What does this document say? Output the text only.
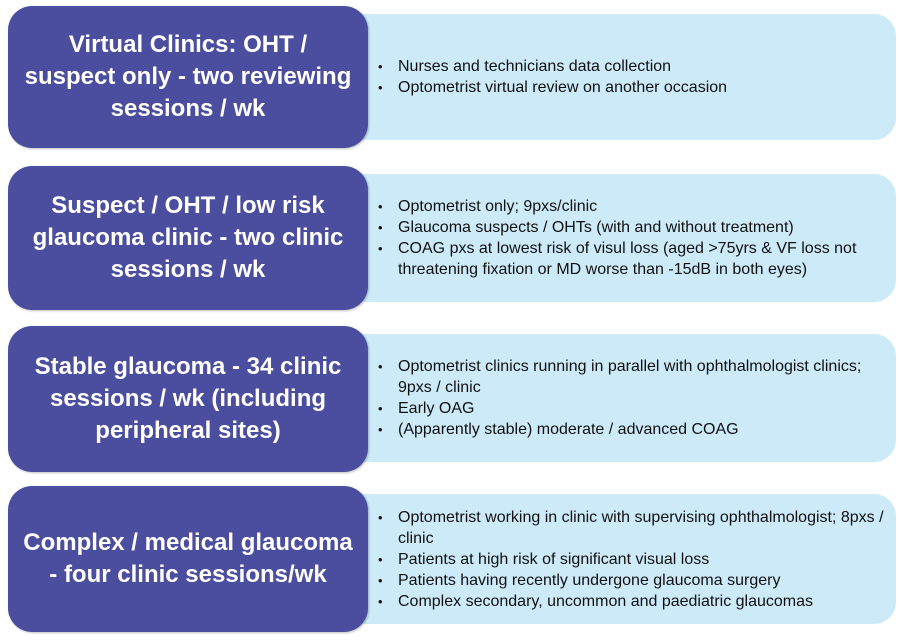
• Nurses and technicians data collection
• Optometrist virtual review on another occasion
Virtual Clinics: OHT / suspect only - two reviewing sessions / wk
• Optometrist only; 9pxs/clinic
• Glaucoma suspects / OHTs (with and without treatment)
• COAG pxs at lowest risk of visul loss (aged >75yrs & VF loss not threatening fixation or MD worse than -15dB in both eyes)
Suspect / OHT / low risk glaucoma clinic - two clinic sessions / wk
• Optometrist clinics running in parallel with ophthalmologist clinics; 9pxs / clinic
• Early OAG
• (Apparently stable) moderate / advanced COAG
Stable glaucoma - 34 clinic sessions / wk (including peripheral sites)
• Optometrist working in clinic with supervising ophthalmologist; 8pxs / clinic
• Patients at high risk of significant visual loss
• Patients having recently undergone glaucoma surgery
• Complex secondary, uncommon and paediatric glaucomas
Complex / medical glaucoma - four clinic sessions/wk
